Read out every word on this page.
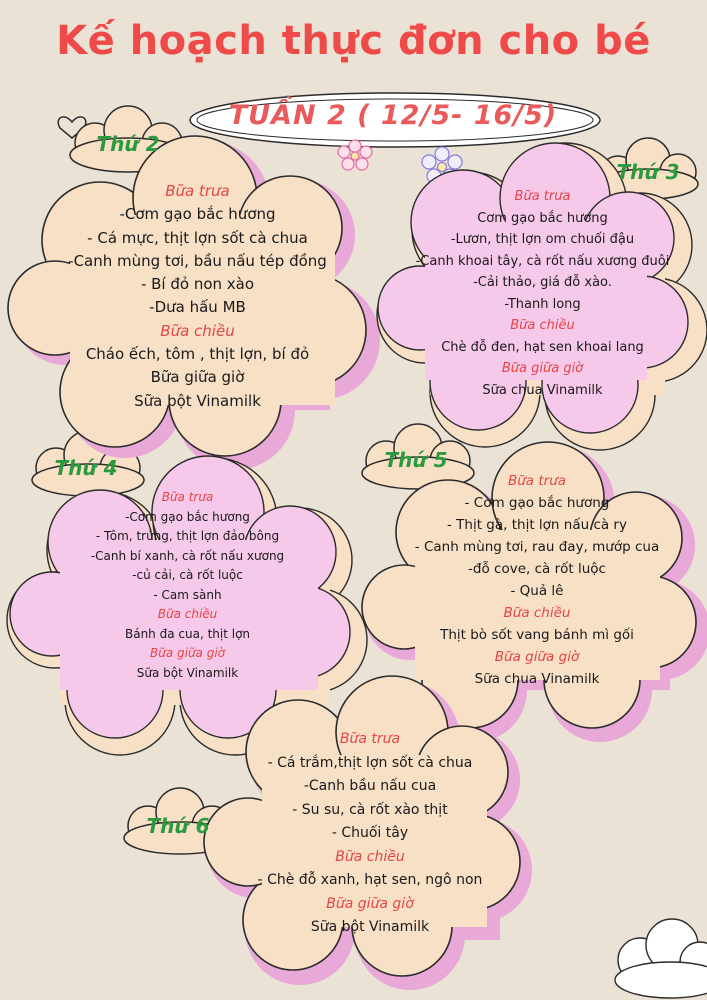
Kế hoạch thực đơn cho bé
TUẦN 2 ( 12/5- 16/5)
Thứ 2
Thứ 3
Thứ 4	Thứ 5
Thứ 6
Bữa trưa
-Cơm gạo bắc hương
- Cá mực, thịt lợn sốt cà chua
-Canh mùng tơi, bầu nấu tép đồng
- Bí đỏ non xào
-Dưa hấu MB
Bữa chiều
Cháo ếch, tôm , thịt lợn, bí đỏ
Bữa giữa giờ
Sữa bột Vinamilk
Bữa trưa
Cơm gạo bắc hương
-Lươn, thịt lợn om chuối đậu
-Canh khoai tây, cà rốt nấu xương đuôi
-Cải thảo, giá đỗ xào.
-Thanh long
Bữa chiều
Chè đỗ đen, hạt sen khoai lang
Bữa giữa giờ
Sữa chua Vinamilk
Bữa trưa
-Cơm gạo bắc hương
- Tôm, trứng, thịt lợn đảo bông
-Canh bí xanh, cà rốt nấu xương
-củ cải, cà rốt luộc
- Cam sành
Bữa chiều
Bánh đa cua, thịt lợn
Bữa giữa giờ
Sữa bột Vinamilk
Bữa trưa
- Cơm gạo bắc hương
- Thịt gà, thịt lợn nấu cà ry
- Canh mùng tơi, rau đay, mướp cua
-đỗ cove, cà rốt luộc
- Quả lê
Bữa chiều
Thịt bò sốt vang bánh mì gối
Bữa giữa giờ
Sữa chua Vinamilk
Bữa trưa
- Cá trắm,thịt lợn sốt cà chua
-Canh bầu nấu cua
- Su su, cà rốt xào thịt
- Chuối tây
Bữa chiều
- Chè đỗ xanh, hạt sen, ngô non
Bữa giữa giờ
Sữa bột Vinamilk
